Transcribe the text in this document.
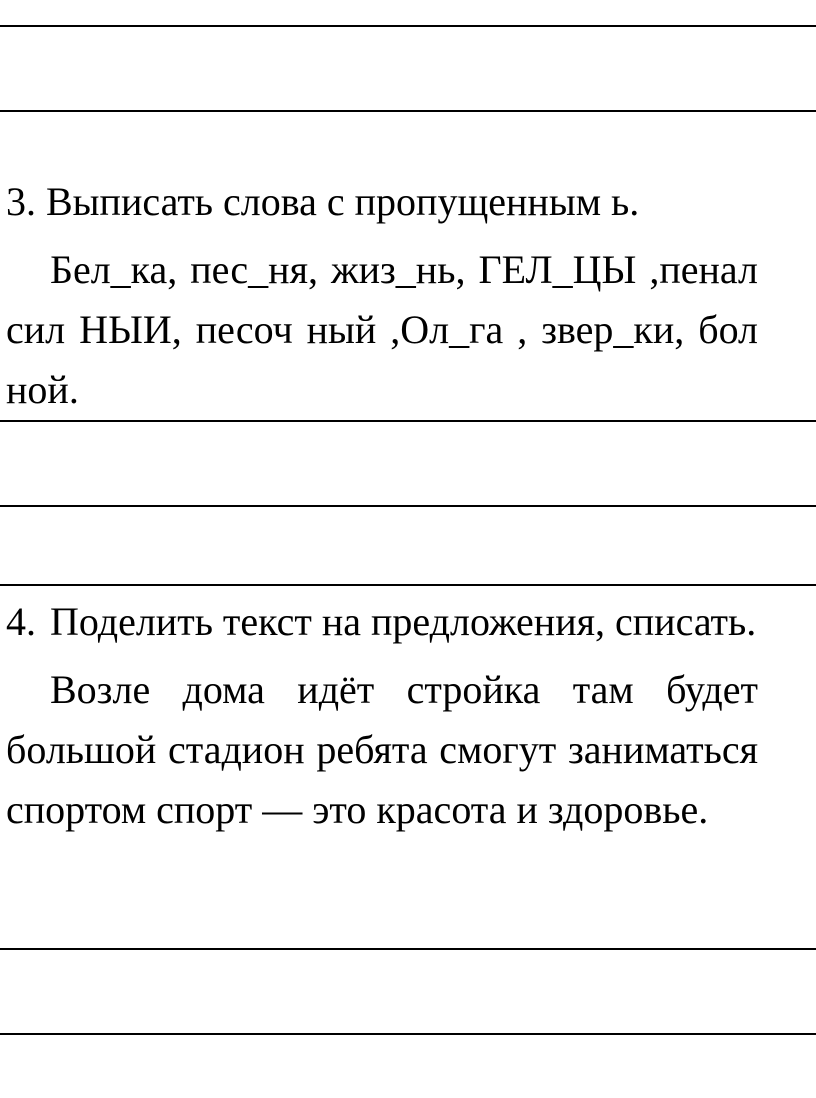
3. Выписать слова с пропущенным ь.

Бел_ка, пес_ня, жиз_нь, ГЕЛ_ЦЫ ,пенал сил НЫИ, песоч ный ,Ол_га , звер_ки, бол ной.

4. Поделить текст на предложения, списать.

Возле дома идёт стройка там будет большой стадион ребята смогут заниматься спортом спорт — это красота и здоровье.
